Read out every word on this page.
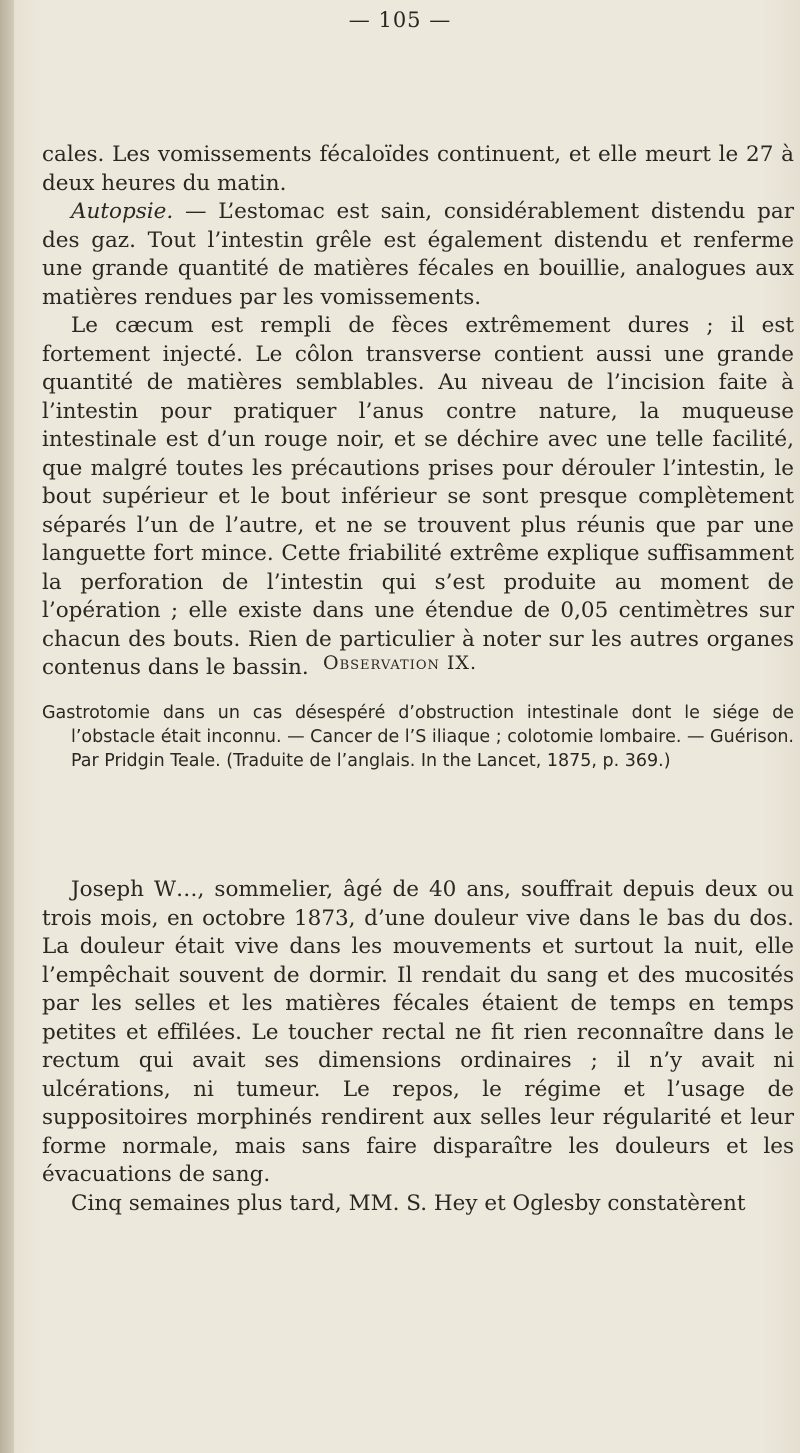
— 105 —

cales. Les vomissements fécaloïdes continuent, et elle meurt le 27 à deux heures du matin.

Autopsie. — L’estomac est sain, considérablement distendu par des gaz. Tout l’intestin grêle est également distendu et renferme une grande quantité de matières fécales en bouillie, analogues aux matières rendues par les vomissements.

Le cæcum est rempli de fèces extrêmement dures ; il est fortement injecté. Le côlon transverse contient aussi une grande quantité de matières semblables. Au niveau de l’incision faite à l’intestin pour pratiquer l’anus contre nature, la muqueuse intestinale est d’un rouge noir, et se déchire avec une telle facilité, que malgré toutes les précautions prises pour dérouler l’intestin, le bout supérieur et le bout inférieur se sont presque complètement séparés l’un de l’autre, et ne se trouvent plus réunis que par une languette fort mince. Cette friabilité extrême explique suffisamment la perforation de l’intestin qui s’est produite au moment de l’opération ; elle existe dans une étendue de 0,05 centimètres sur chacun des bouts. Rien de particulier à noter sur les autres organes contenus dans le bassin. Observation IX.

Gastrotomie dans un cas désespéré d’obstruction intestinale dont le siége de l’obstacle était inconnu. — Cancer de l’S iliaque ; colotomie lombaire. — Guérison. Par Pridgin Teale. (Traduite de l’anglais. In the Lancet, 1875, p. 369.)

Joseph W…, sommelier, âgé de 40 ans, souffrait depuis deux ou trois mois, en octobre 1873, d’une douleur vive dans le bas du dos. La douleur était vive dans les mouvements et surtout la nuit, elle l’empêchait souvent de dormir. Il rendait du sang et des mucosités par les selles et les matières fécales étaient de temps en temps petites et effilées. Le toucher rectal ne fit rien reconnaître dans le rectum qui avait ses dimensions ordinaires ; il n’y avait ni ulcérations, ni tumeur. Le repos, le régime et l’usage de suppositoires morphinés rendirent aux selles leur régularité et leur forme normale, mais sans faire disparaître les douleurs et les évacuations de sang.

Cinq semaines plus tard, MM. S. Hey et Oglesby constatèrent
